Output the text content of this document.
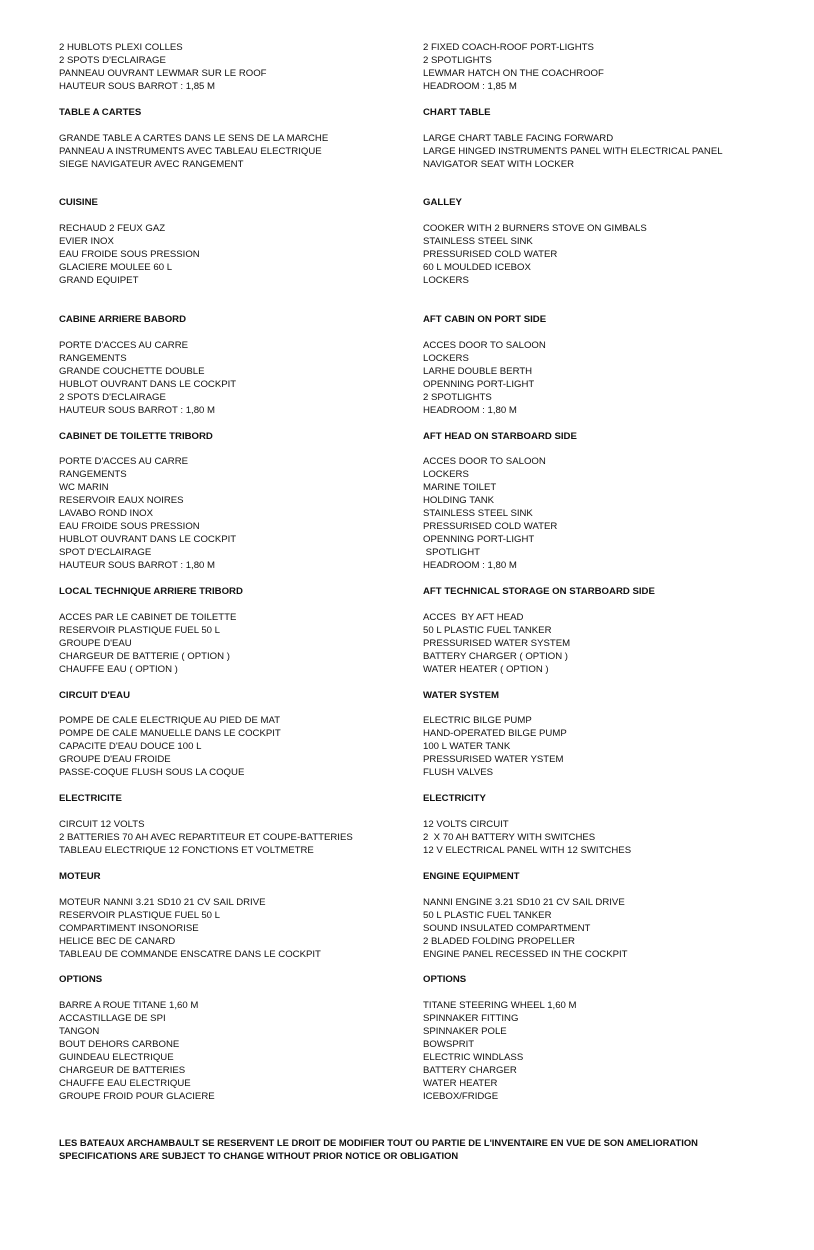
2 HUBLOTS PLEXI COLLES
2 SPOTS D'ECLAIRAGE
PANNEAU OUVRANT LEWMAR SUR LE ROOF
HAUTEUR SOUS BARROT : 1,85 M
TABLE A CARTES
GRANDE TABLE A CARTES DANS LE SENS DE LA MARCHE
PANNEAU A INSTRUMENTS AVEC TABLEAU ELECTRIQUE
SIEGE NAVIGATEUR AVEC RANGEMENT
CUISINE
RECHAUD 2 FEUX GAZ
EVIER INOX
EAU FROIDE SOUS PRESSION
GLACIERE MOULEE 60 L
GRAND EQUIPET
CABINE ARRIERE BABORD
PORTE D'ACCES AU CARRE
RANGEMENTS
GRANDE COUCHETTE DOUBLE
HUBLOT OUVRANT DANS LE COCKPIT
2 SPOTS D'ECLAIRAGE
HAUTEUR SOUS BARROT : 1,80 M
CABINET DE TOILETTE TRIBORD
PORTE D'ACCES AU CARRE
RANGEMENTS
WC MARIN
RESERVOIR EAUX NOIRES
LAVABO ROND INOX
EAU FROIDE SOUS PRESSION
HUBLOT OUVRANT DANS LE COCKPIT
SPOT D'ECLAIRAGE
HAUTEUR SOUS BARROT : 1,80 M
LOCAL TECHNIQUE ARRIERE TRIBORD
ACCES PAR LE CABINET DE TOILETTE
RESERVOIR PLASTIQUE FUEL 50 L
GROUPE D'EAU
CHARGEUR DE BATTERIE ( OPTION )
CHAUFFE EAU ( OPTION )
CIRCUIT D'EAU
POMPE DE CALE ELECTRIQUE AU PIED DE MAT
POMPE DE CALE MANUELLE DANS LE COCKPIT
CAPACITE D'EAU DOUCE 100 L
GROUPE D'EAU FROIDE
PASSE-COQUE FLUSH SOUS LA COQUE
ELECTRICITE
CIRCUIT 12 VOLTS
2 BATTERIES 70 AH AVEC REPARTITEUR ET COUPE-BATTERIES
TABLEAU ELECTRIQUE 12 FONCTIONS ET VOLTMETRE
MOTEUR
MOTEUR NANNI 3.21 SD10 21 CV SAIL DRIVE
RESERVOIR PLASTIQUE FUEL 50 L
COMPARTIMENT INSONORISE
HELICE BEC DE CANARD
TABLEAU DE COMMANDE ENSCATRE DANS LE COCKPIT
OPTIONS
BARRE A ROUE TITANE 1,60 M
ACCASTILLAGE DE SPI
TANGON
BOUT DEHORS CARBONE
GUINDEAU ELECTRIQUE
CHARGEUR DE BATTERIES
CHAUFFE EAU ELECTRIQUE
GROUPE FROID POUR GLACIERE
2 FIXED COACH-ROOF PORT-LIGHTS
2 SPOTLIGHTS
LEWMAR HATCH ON THE COACHROOF
HEADROOM : 1,85 M
CHART TABLE
LARGE CHART TABLE FACING FORWARD
LARGE HINGED INSTRUMENTS PANEL WITH ELECTRICAL PANEL
NAVIGATOR SEAT WITH LOCKER
GALLEY
COOKER WITH 2 BURNERS STOVE ON GIMBALS
STAINLESS STEEL SINK
PRESSURISED COLD WATER
60 L MOULDED ICEBOX
LOCKERS
AFT CABIN ON PORT SIDE
ACCES DOOR TO SALOON
LOCKERS
LARHE DOUBLE BERTH
OPENNING PORT-LIGHT
2 SPOTLIGHTS
HEADROOM : 1,80 M
AFT HEAD ON STARBOARD SIDE
ACCES DOOR TO SALOON
LOCKERS
MARINE TOILET
HOLDING TANK
STAINLESS STEEL SINK
PRESSURISED COLD WATER
OPENNING PORT-LIGHT
SPOTLIGHT
HEADROOM : 1,80 M
AFT TECHNICAL STORAGE ON STARBOARD SIDE
ACCES  BY AFT HEAD
50 L PLASTIC FUEL TANKER
PRESSURISED WATER SYSTEM
BATTERY CHARGER ( OPTION )
WATER HEATER ( OPTION )
WATER SYSTEM
ELECTRIC BILGE PUMP
HAND-OPERATED BILGE PUMP
100 L WATER TANK
PRESSURISED WATER YSTEM
FLUSH VALVES
ELECTRICITY
12 VOLTS CIRCUIT
2  X 70 AH BATTERY WITH SWITCHES
12 V ELECTRICAL PANEL WITH 12 SWITCHES
ENGINE EQUIPMENT
NANNI ENGINE 3.21 SD10 21 CV SAIL DRIVE
50 L PLASTIC FUEL TANKER
SOUND INSULATED COMPARTMENT
2 BLADED FOLDING PROPELLER
ENGINE PANEL RECESSED IN THE COCKPIT
OPTIONS
TITANE STEERING WHEEL 1,60 M
SPINNAKER FITTING
SPINNAKER POLE
BOWSPRIT
ELECTRIC WINDLASS
BATTERY CHARGER
WATER HEATER
ICEBOX/FRIDGE
LES BATEAUX ARCHAMBAULT SE RESERVENT LE DROIT DE MODIFIER TOUT OU PARTIE DE L'INVENTAIRE EN VUE DE SON AMELIORATION
SPECIFICATIONS ARE SUBJECT TO CHANGE WITHOUT PRIOR NOTICE OR OBLIGATION
